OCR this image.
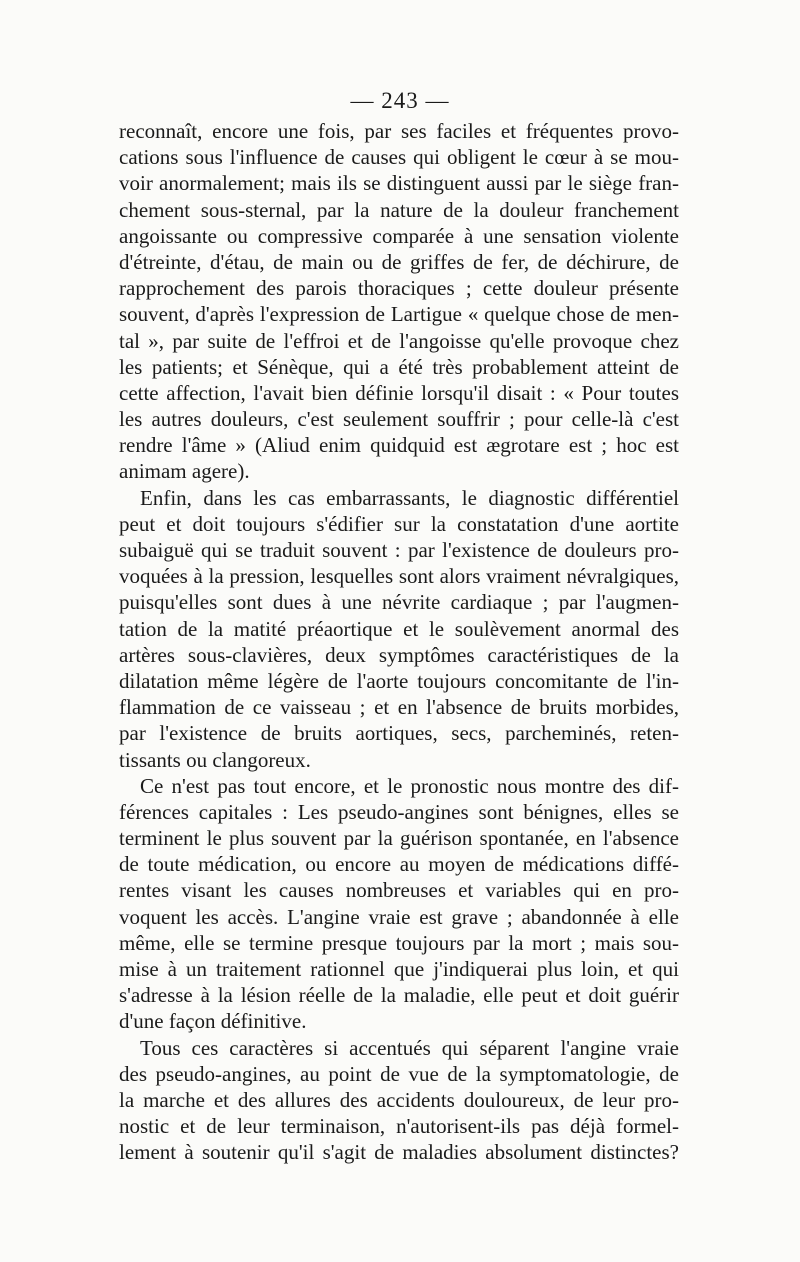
— 243 —
reconnaît, encore une fois, par ses faciles et fréquentes provo-
cations sous l'influence de causes qui obligent le cœur à se mou-
voir anormalement; mais ils se distinguent aussi par le siège fran-
chement sous-sternal, par la nature de la douleur franchement
angoissante ou compressive comparée à une sensation violente
d'étreinte, d'étau, de main ou de griffes de fer, de déchirure, de
rapprochement des parois thoraciques ; cette douleur présente
souvent, d'après l'expression de Lartigue « quelque chose de men-
tal », par suite de l'effroi et de l'angoisse qu'elle provoque chez
les patients; et Sénèque, qui a été très probablement atteint de
cette affection, l'avait bien définie lorsqu'il disait : « Pour toutes
les autres douleurs, c'est seulement souffrir ; pour celle-là c'est
rendre l'âme » (Aliud enim quidquid est ægrotare est ; hoc est
animam agere).
Enfin, dans les cas embarrassants, le diagnostic différentiel
peut et doit toujours s'édifier sur la constatation d'une aortite
subaiguë qui se traduit souvent : par l'existence de douleurs pro-
voquées à la pression, lesquelles sont alors vraiment névralgiques,
puisqu'elles sont dues à une névrite cardiaque ; par l'augmen-
tation de la matité préaortique et le soulèvement anormal des
artères sous-clavières, deux symptômes caractéristiques de la
dilatation même légère de l'aorte toujours concomitante de l'in-
flammation de ce vaisseau ; et en l'absence de bruits morbides,
par l'existence de bruits aortiques, secs, parcheminés, reten-
tissants ou clangoreux.
Ce n'est pas tout encore, et le pronostic nous montre des dif-
férences capitales : Les pseudo-angines sont bénignes, elles se
terminent le plus souvent par la guérison spontanée, en l'absence
de toute médication, ou encore au moyen de médications diffé-
rentes visant les causes nombreuses et variables qui en pro-
voquent les accès. L'angine vraie est grave ; abandonnée à elle
même, elle se termine presque toujours par la mort ; mais sou-
mise à un traitement rationnel que j'indiquerai plus loin, et qui
s'adresse à la lésion réelle de la maladie, elle peut et doit guérir
d'une façon définitive.
Tous ces caractères si accentués qui séparent l'angine vraie
des pseudo-angines, au point de vue de la symptomatologie, de
la marche et des allures des accidents douloureux, de leur pro-
nostic et de leur terminaison, n'autorisent-ils pas déjà formel-
lement à soutenir qu'il s'agit de maladies absolument distinctes?
